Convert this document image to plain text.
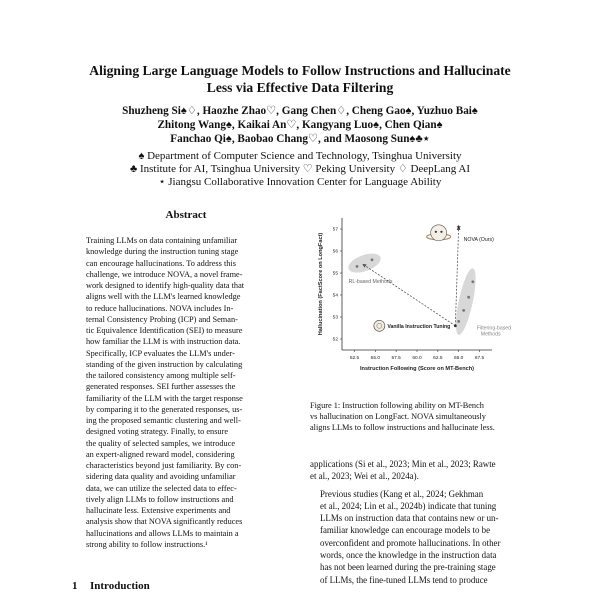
Aligning Large Language Models to Follow Instructions and Hallucinate
Less via Effective Data Filtering
Shuzheng Si♠♢, Haozhe Zhao♡, Gang Chen♢, Cheng Gao♠, Yuzhuo Bai♠
Zhitong Wang♠, Kaikai An♡, Kangyang Luo♠, Chen Qian♠
Fanchao Qi♠, Baobao Chang♡, and Maosong Sun♠♣⋆
♠ Department of Computer Science and Technology, Tsinghua University
♣ Institute for AI, Tsinghua University ♡ Peking University ♢ DeepLang AI
⋆ Jiangsu Collaborative Innovation Center for Language Ability
Abstract
Training LLMs on data containing unfamiliar
knowledge during the instruction tuning stage
can encourage hallucinations. To address this
challenge, we introduce NOVA, a novel frame-
work designed to identify high-quality data that
aligns well with the LLM's learned knowledge
to reduce hallucinations. NOVA includes In-
ternal Consistency Probing (ICP) and Seman-
tic Equivalence Identification (SEI) to measure
how familiar the LLM is with instruction data.
Specifically, ICP evaluates the LLM's under-
standing of the given instruction by calculating
the tailored consistency among multiple self-
generated responses. SEI further assesses the
familiarity of the LLM with the target response
by comparing it to the generated responses, us-
ing the proposed semantic clustering and well-
designed voting strategy. Finally, to ensure
the quality of selected samples, we introduce
an expert-aligned reward model, considering
characteristics beyond just familiarity. By con-
sidering data quality and avoiding unfamiliar
data, we can utilize the selected data to effec-
tively align LLMs to follow instructions and
hallucinate less. Extensive experiments and
analysis show that NOVA significantly reduces
hallucinations and allows LLMs to maintain a
strong ability to follow instructions.¹
1 Introduction
52.5 55.0 57.5 60.0 62.5 65.0 67.5
52
53
54
55
56
57
Instruction Following (Score on MT-Bench)
Hallucination (FactScore on LongFact)
★
NOVA (Ours)
RL-based Methods
Vanilla Instruction Tuning	Filtering-based Methods
Figure 1: Instruction following ability on MT-Bench
vs hallucination on LongFact. NOVA simultaneously
aligns LLMs to follow instructions and hallucinate less.

applications (Si et al., 2023; Min et al., 2023; Rawte
et al., 2023; Wei et al., 2024a).

Previous studies (Kang et al., 2024; Gekhman
et al., 2024; Lin et al., 2024b) indicate that tuning
LLMs on instruction data that contains new or un-
familiar knowledge can encourage models to be
overconfident and promote hallucinations. In other
words, once the knowledge in the instruction data
has not been learned during the pre-training stage
of LLMs, the fine-tuned LLMs tend to produce
